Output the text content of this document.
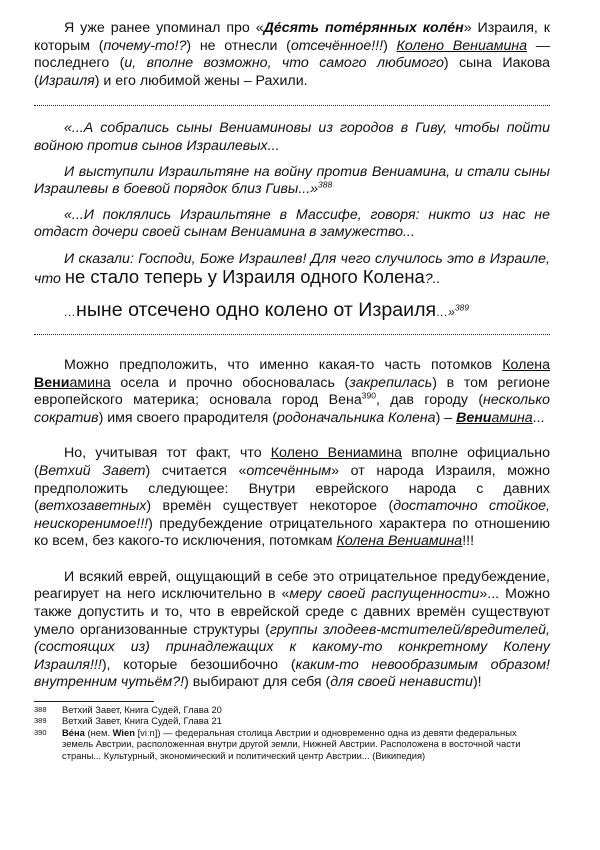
Я уже ранее упоминал про «Де́сять поте́рянных коле́н» Израиля, к которым (почему-то!?) не отнесли (отсечённое!!!) Колено Вениамина — последнего (и, вполне возможно, что самого любимого) сына Иакова (Израиля) и его любимой жены – Рахили.

«...А собрались сыны Вениаминовы из городов в Гиву, чтобы пойти войною против сынов Израилевых...

И выступили Израильтяне на войну против Вениамина, и стали сыны Израилевы в боевой порядок близ Гивы...»$^{388}$

«...И поклялись Израильтяне в Массифе, говоря: никто из нас не отдаст дочери своей сынам Вениамина в замужество...

И сказали: Господи, Боже Израилев! Для чего случилось это в Израиле, что не стало теперь у Израиля одного Колена?..

…ныне отсечено одно колено от Израиля…»$^{389}$

Можно предположить, что именно какая-то часть потомков Колена Вениамина осела и прочно обосновалась (закрепилась) в том регионе европейского материка; основала город Вена$^{390}$, дав городу (несколько сократив) имя своего прародителя (родоначальника Колена) – Вениамина...

Но, учитывая тот факт, что Колено Вениамина вполне официально (Ветхий Завет) считается «отсечённым» от народа Израиля, можно предположить следующее: Внутри еврейского народа с давних (ветхозаветных) времён существует некоторое (достаточно стойкое, неискоренимое!!!) предубеждение отрицательного характера по отношению ко всем, без какого-то исключения, потомкам Колена Вениамина!!!

И всякий еврей, ощущающий в себе это отрицательное предубеждение, реагирует на него исключительно в «меру своей распущенности»... Можно также допустить и то, что в еврейской среде с давних времён существуют умело организованные структуры (группы злодеев-мстителей/вредителей, (состоящих из) принадлежащих к какому-то конкретному Колену Израиля!!!), которые безошибочно (каким-то невообразимым образом! внутренним чутьём?!) выбирают для себя (для своей ненависти)!

388	Ветхий Завет, Книга Судей, Глава 20
389	Ветхий Завет, Книга Судей, Глава 21
390	Ве́на (нем. Wien [viːn]) — федеральная столица Австрии и одновременно одна из девяти федеральных земель Австрии, расположенная внутри другой земли, Нижней Австрии. Расположена в восточной части страны... Культурный, экономический и политический центр Австрии... (Википедия)
